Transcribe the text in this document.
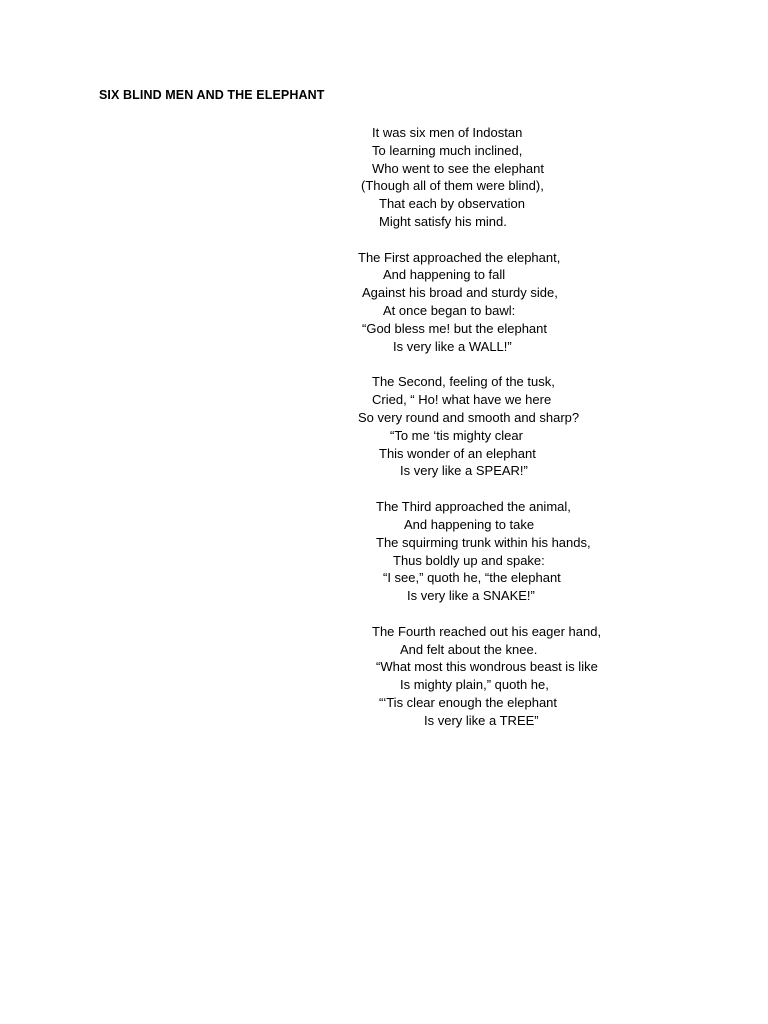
SIX BLIND MEN AND THE ELEPHANT
It was six men of Indostan
To learning much inclined,
Who went to see the elephant
(Though all of them were blind),
That each by observation
Might satisfy his mind.
The First approached the elephant,
And happening to fall
Against his broad and sturdy side,
At once began to bawl:
“God bless me! but the elephant
Is very like a WALL!”
The Second, feeling of the tusk,
Cried, “ Ho! what have we here
So very round and smooth and sharp?
“To me ‘tis mighty clear
This wonder of an elephant
Is very like a SPEAR!”
The Third approached the animal,
And happening to take
The squirming trunk within his hands,
Thus boldly up and spake:
“I see,” quoth he, “the elephant
Is very like a SNAKE!”
The Fourth reached out his eager hand,
And felt about the knee.
“What most this wondrous beast is like
Is mighty plain,” quoth he,
“‘Tis clear enough the elephant
Is very like a TREE”
